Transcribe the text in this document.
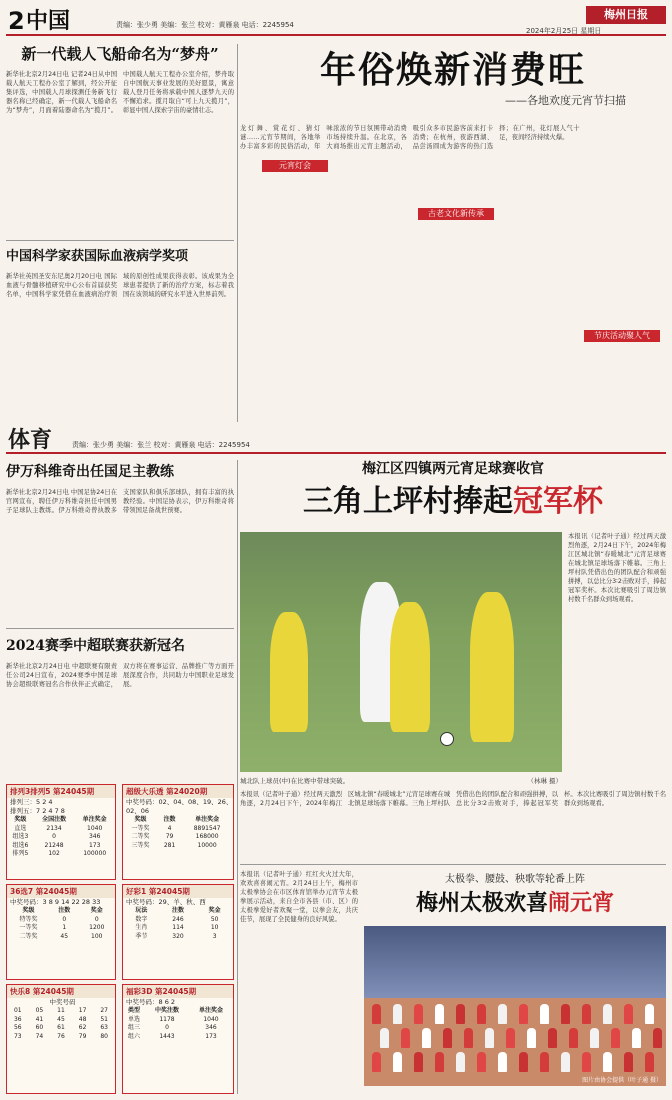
2 中国	责编：张少勇 美编：张兰 校对：黄雁泉 电话：2245954
梅州日报
2024年2月25日 星期日
新一代载人飞船命名为“梦舟”
新华社北京2月24日电 记者24日从中国载人航天工程办公室了解到，经公开征集评选，中国载人月球探测任务新飞行器名称已经确定，新一代载人飞船命名为“梦舟”，月面着陆器命名为“揽月”。中国载人航天工程办公室介绍，梦舟取自中国航天事业发展的美好愿景，寓意载人登月任务将承载中国人逐梦九天的不懈追求。揽月取自“可上九天揽月”，彰显中国人探索宇宙的豪情壮志。
中国科学家获国际血液病学奖项
新华社英国圣安东尼奥2月20日电 国际血液与骨髓移植研究中心公布首届获奖名单，中国科学家凭借在血液病治疗领域的原创性成果获得表彰。该成果为全球患者提供了新的治疗方案，标志着我国在该领域的研究水平进入世界前列。
年俗焕新消费旺
——各地欢度元宵节扫描
龙灯舞、赏花灯、猜灯谜……元宵节期间，各地举办丰富多彩的民俗活动，年味浓浓的节日氛围带动消费市场持续升温。在北京，各大商场推出元宵主题活动，吸引众多市民游客前来打卡消费；在杭州，夜游西湖、品尝汤圆成为游客的热门选择；在广州，花灯展人气十足，夜间经济持续火爆。
元宵灯会
古老文化新传承
节庆活动聚人气
体育	责编：张少勇 美编：张兰 校对：黄雁泉 电话：2245954
伊万科维奇出任国足主教练
新华社北京2月24日电 中国足协24日在官网宣布，聘任伊万科维奇担任中国男子足球队主教练。伊万科维奇曾执教多支国家队和俱乐部球队，拥有丰富的执教经验。中国足协表示，伊万科维奇将带领国足备战世预赛。
2024赛季中超联赛获新冠名
新华社北京2月24日电 中超联赛有限责任公司24日宣布，2024赛季中国足球协会超级联赛冠名合作伙伴正式确定，双方将在赛事运营、品牌推广等方面开展深度合作，共同助力中国职业足球发展。
排列3排列5 第24045期
排列三：5 2 4
排列五：7 2 4 7 8
奖级	全国注数	单注奖金
直选	2134	1040
组选3	0	346
组选6	21248	173
排列5	102	100000
超级大乐透 第24020期
中奖号码：02、04、08、19、26、02、06
奖级	注数	单注奖金
一等奖	4	8891547
二等奖	79	168000
三等奖	281	10000
36选7 第24045期
中奖号码：3 8 9 14 22 28 33
奖级	注数	奖金
特等奖	0	0
一等奖	1	1200
二等奖	45	100
好彩1 第24045期
中奖号码：29、羊、秋、西
玩法	注数	奖金
数字	246	50
生肖	114	10
季节	320	3
快乐8 第24045期
中奖号码
01	05	11	17	27
36	41	45	48	51
56	60	61	62	63
73	74	76	79	80
福彩3D 第24045期
中奖号码：8 6 2
类型	中奖注数	单注奖金
单选	1178	1040
组三	0	346
组六	1443	173
梅江区四镇两元宵足球赛收官
三角上坪村捧起冠军杯
本报讯（记者叶子通）经过两天激烈角逐，2月24日下午，2024年梅江区城北镇“春暖城北”元宵足球赛在城北镇足球场落下帷幕。三角上坪村队凭借出色的团队配合和顽强拼搏，以总比分3∶2击败对手，捧起冠军奖杯。本次比赛吸引了周边镇村数千名群众到场观看。
城北队上球员(中)在比赛中带球突破。	（林琳 摄）
本报讯（记者叶子通）经过两天激烈角逐，2月24日下午，2024年梅江区城北镇“春暖城北”元宵足球赛在城北镇足球场落下帷幕。三角上坪村队凭借出色的团队配合和顽强拼搏，以总比分3∶2击败对手，捧起冠军奖杯。本次比赛吸引了周边镇村数千名群众到场观看。
本报讯（记者叶子通）红红火火过大年，欢欢喜喜闹元宵。2月24日上午，梅州市太极拳协会在市区体育馆举办元宵节太极拳展示活动，来自全市各县（市、区）的太极拳爱好者欢聚一堂，以拳会友，共庆佳节，展现了全民健身的良好风貌。
太极拳、腰鼓、秧歌等轮番上阵
梅州太极欢喜闹元宵
图片由协会提供（叶子通 摄）
